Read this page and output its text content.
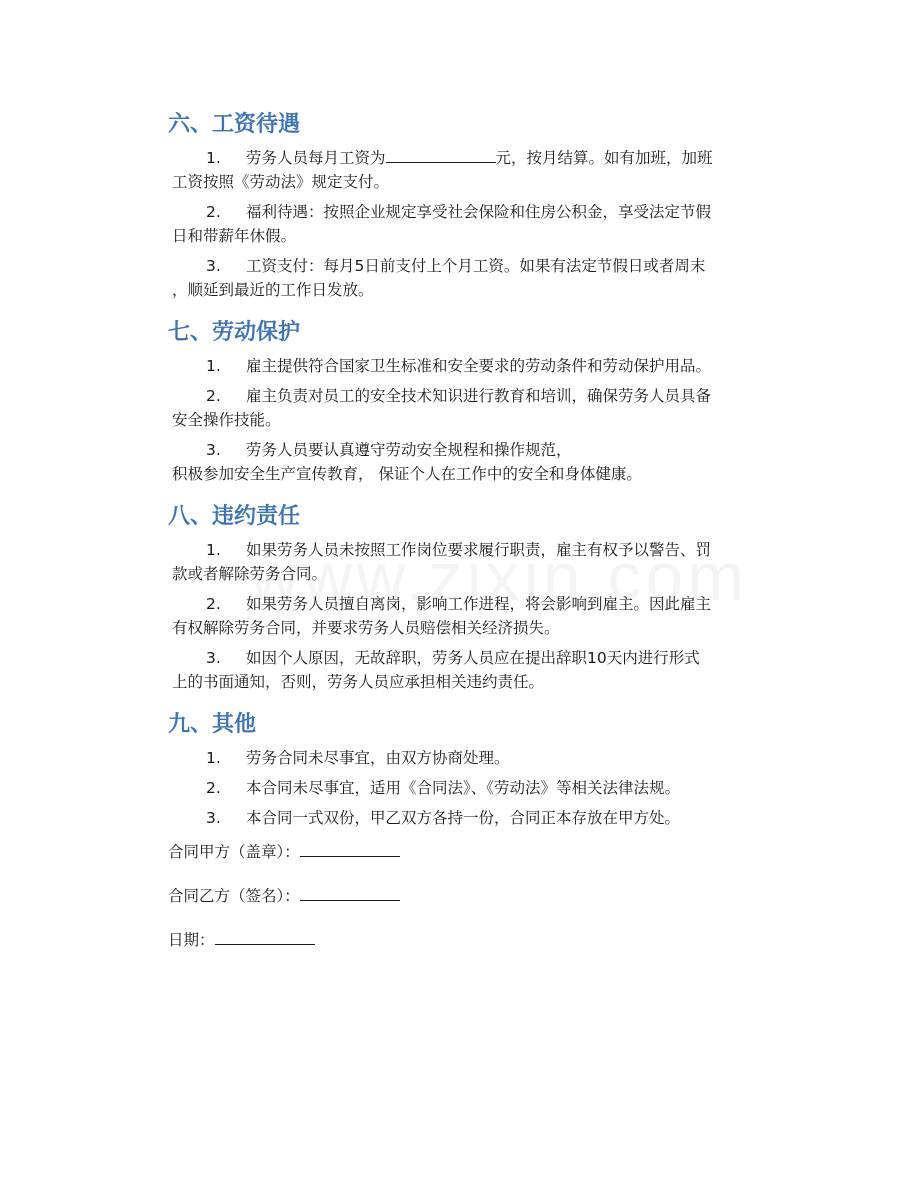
六、工资待遇

1. 劳务人员每月工资为	元，按月结算。如有加班，加班
工资按照《劳动法》规定支付。

2. 福利待遇：按照企业规定享受社会保险和住房公积金，享受法定节假
日和带薪年休假。

3. 工资支付：每月5日前支付上个月工资。如果有法定节假日或者周末
，顺延到最近的工作日发放。

七、劳动保护

1. 雇主提供符合国家卫生标准和安全要求的劳动条件和劳动保护用品。

2. 雇主负责对员工的安全技术知识进行教育和培训，确保劳务人员具备
安全操作技能。

3. 劳务人员要认真遵守劳动安全规程和操作规范，
积极参加安全生产宣传教育， 保证个人在工作中的安全和身体健康。

八、违约责任

1. 如果劳务人员未按照工作岗位要求履行职责，雇主有权予以警告、罚
款或者解除劳务合同。

2. 如果劳务人员擅自离岗，影响工作进程，将会影响到雇主。因此雇主
有权解除劳务合同，并要求劳务人员赔偿相关经济损失。

3. 如因个人原因，无故辞职，劳务人员应在提出辞职10天内进行形式
上的书面通知，否则，劳务人员应承担相关违约责任。

九、其他

1. 劳务合同未尽事宜，由双方协商处理。

2. 本合同未尽事宜，适用《合同法》、《劳动法》等相关法律法规。

3. 本合同一式双份，甲乙双方各持一份，合同正本存放在甲方处。

合同甲方（盖章）：

合同乙方（签名）：

日期：
